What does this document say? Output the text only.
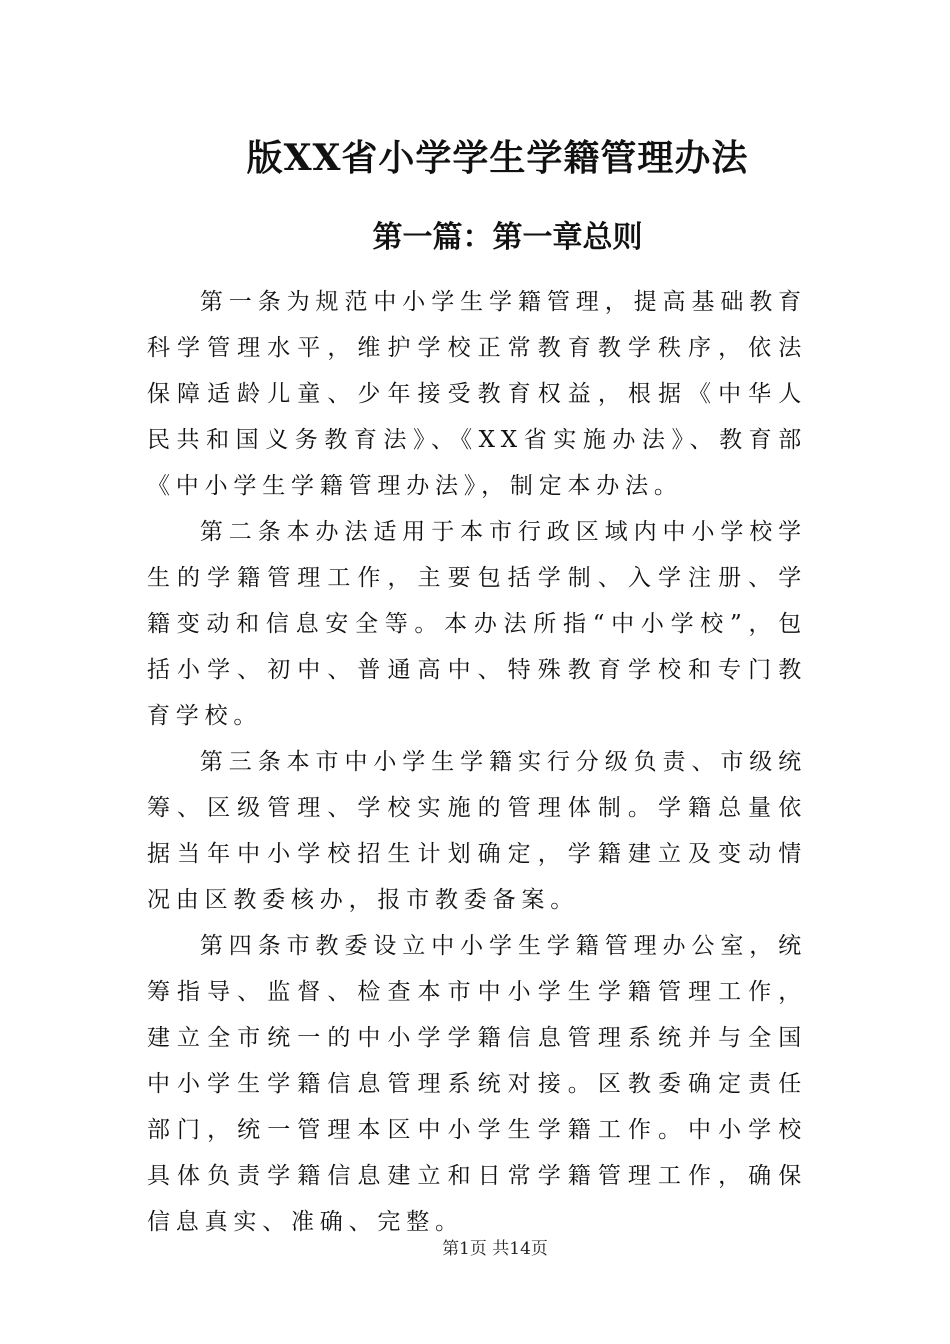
版XX省小学学生学籍管理办法
第一篇：第一章总则

第一条为规范中小学生学籍管理，提高基础教育科学管理水平，维护学校正常教育教学秩序，依法保障适龄儿童、少年接受教育权益，根据《中华人民共和国义务教育法》、《XX省实施办法》、教育部《中小学生学籍管理办法》，制定本办法。

第二条本办法适用于本市行政区域内中小学校学生的学籍管理工作，主要包括学制、入学注册、学籍变动和信息安全等。本办法所指“中小学校”，包括小学、初中、普通高中、特殊教育学校和专门教育学校。

第三条本市中小学生学籍实行分级负责、市级统筹、区级管理、学校实施的管理体制。学籍总量依据当年中小学校招生计划确定，学籍建立及变动情况由区教委核办，报市教委备案。

第四条市教委设立中小学生学籍管理办公室，统筹指导、监督、检查本市中小学生学籍管理工作，建立全市统一的中小学学籍信息管理系统并与全国中小学生学籍信息管理系统对接。区教委确定责任部门，统一管理本区中小学生学籍工作。中小学校具体负责学籍信息建立和日常学籍管理工作，确保信息真实、准确、完整。

第1页 共14页
